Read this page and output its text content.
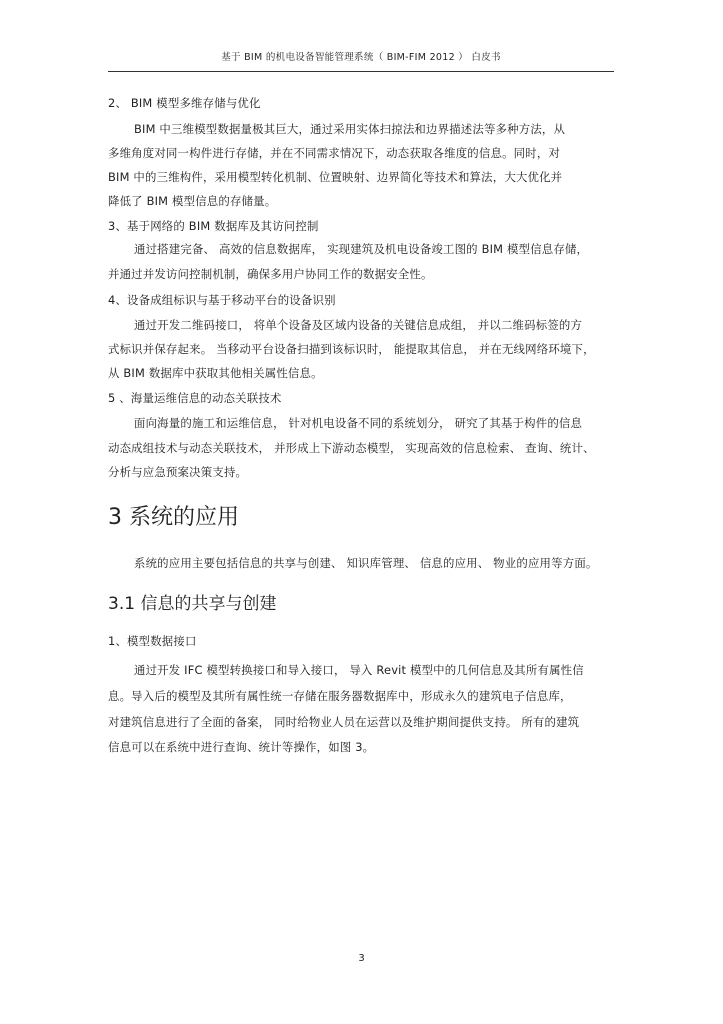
基于 BIM 的机电设备智能管理系统（ BIM-FIM 2012 ） 白皮书
2、 BIM 模型多维存储与优化
BIM 中三维模型数据量极其巨大，通过采用实体扫掠法和边界描述法等多种方法，从
多维角度对同一构件进行存储，并在不同需求情况下，动态获取各维度的信息。同时，对
BIM 中的三维构件，采用模型转化机制、位置映射、边界简化等技术和算法，大大优化并
降低了 BIM 模型信息的存储量。
3、基于网络的 BIM 数据库及其访问控制
通过搭建完备、 高效的信息数据库， 实现建筑及机电设备竣工图的 BIM 模型信息存储，
并通过并发访问控制机制，确保多用户协同工作的数据安全性。
4、设备成组标识与基于移动平台的设备识别
通过开发二维码接口， 将单个设备及区域内设备的关键信息成组， 并以二维码标签的方
式标识并保存起来。 当移动平台设备扫描到该标识时， 能提取其信息， 并在无线网络环境下，
从 BIM 数据库中获取其他相关属性信息。
5 、海量运维信息的动态关联技术
面向海量的施工和运维信息， 针对机电设备不同的系统划分， 研究了其基于构件的信息
动态成组技术与动态关联技术， 并形成上下游动态模型， 实现高效的信息检索、 查询、统计、
分析与应急预案决策支持。
3 系统的应用
系统的应用主要包括信息的共享与创建、 知识库管理、 信息的应用、 物业的应用等方面。
3.1 信息的共享与创建
1、模型数据接口
通过开发 IFC 模型转换接口和导入接口， 导入 Revit 模型中的几何信息及其所有属性信
息。导入后的模型及其所有属性统一存储在服务器数据库中，形成永久的建筑电子信息库，
对建筑信息进行了全面的备案， 同时给物业人员在运营以及维护期间提供支持。 所有的建筑
信息可以在系统中进行查询、统计等操作，如图 3。
3
